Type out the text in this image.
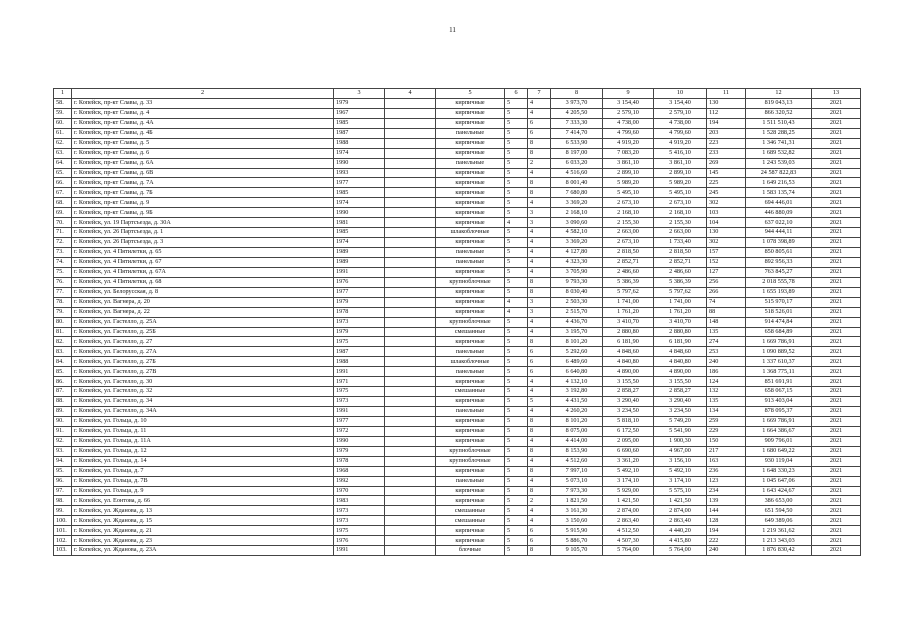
11
1	2	3	4	5	6	7	8	9	10	11	12	13
58.	г. Копейск, пр-кт Славы, д. 33	1979		кирпичные	5	4	3 973,70	3 154,40	3 154,40	130	819 043,13	2021
59.	г. Копейск, пр-кт Славы, д. 4	1967		кирпичные	5	4	4 205,50	2 579,10	2 579,10	112	866 320,52	2021
60.	г. Копейск, пр-кт Славы, д. 4А	1985		кирпичные	5	6	7 333,30	4 738,00	4 738,00	194	1 511 510,43	2021
61.	г. Копейск, пр-кт Славы, д. 4Б	1987		панельные	5	6	7 414,70	4 799,60	4 799,60	203	1 528 288,25	2021
62.	г. Копейск, пр-кт Славы, д. 5	1988		кирпичные	5	8	6 533,90	4 919,20	4 919,20	223	1 346 741,31	2021
63.	г. Копейск, пр-кт Славы, д. 6	1974		кирпичные	5	8	8 197,00	7 083,20	5 416,10	233	1 689 532,82	2021
64.	г. Копейск, пр-кт Славы, д. 6А	1990		панельные	5	2	6 033,20	3 861,10	3 861,10	269	1 243 539,03	2021
65.	г. Копейск, пр-кт Славы, д. 6В	1993		кирпичные	5	4	4 516,60	2 899,10	2 899,10	145	24 587 822,83	2021
66.	г. Копейск, пр-кт Славы, д. 7А	1977		кирпичные	5	8	8 001,40	5 989,20	5 989,20	225	1 649 216,53	2021
67.	г. Копейск, пр-кт Славы, д. 7Б	1985		кирпичные	5	8	7 680,80	5 495,10	5 495,10	245	1 583 135,74	2021
68.	г. Копейск, пр-кт Славы, д. 9	1974		кирпичные	5	4	3 369,20	2 673,10	2 673,10	302	694 446,01	2021
69.	г. Копейск, пр-кт Славы, д. 9Б	1990		кирпичные	5	3	2 168,10	2 168,10	2 168,10	103	446 880,09	2021
70.	г. Копейск, ул. 19 Партсъезда, д. 30А	1981		кирпичные	4	3	3 090,60	2 155,30	2 155,30	104	637 022,10	2021
71.	г. Копейск, ул. 26 Партсъезда, д. 1	1985		шлакоблочные	5	4	4 582,10	2 663,00	2 663,00	130	944 444,11	2021
72.	г. Копейск, ул. 26 Партсъезда, д. 3	1974		кирпичные	5	4	3 369,20	2 673,10	1 733,40	302	1 078 398,89	2021
73.	г. Копейск, ул. 4 Пятилетки, д. 65	1989		панельные	5	4	4 127,80	2 818,50	2 818,50	157	850 805,61	2021
74.	г. Копейск, ул. 4 Пятилетки, д. 67	1989		панельные	5	4	4 323,30	2 852,71	2 852,71	152	892 956,33	2021
75.	г. Копейск, ул. 4 Пятилетки, д. 67А	1991		кирпичные	5	4	3 705,90	2 486,60	2 486,60	127	763 845,27	2021
76.	г. Копейск, ул. 4 Пятилетки, д. 68	1976		крупноблочные	5	8	9 793,30	5 386,39	5 386,39	256	2 018 555,78	2021
77.	г. Копейск, ул. Белорусская, д. 8	1977		кирпичные	5	8	8 030,40	5 797,62	5 797,62	266	1 655 193,89	2021
78.	г. Копейск, ул. Вагнера, д. 20	1979		кирпичные	4	3	2 503,30	1 741,00	1 741,00	74	515 970,17	2021
79.	г. Копейск, ул. Вагнера, д. 22	1978		кирпичные	4	3	2 515,70	1 761,20	1 761,20	88	518 526,01	2021
80.	г. Копейск, ул. Гастелло, д. 25А	1973		крупноблочные	5	4	4 436,70	3 410,70	3 410,70	148	914 474,84	2021
81.	г. Копейск, ул. Гастелло, д. 25Б	1979		смешанные	5	4	3 195,70	2 880,80	2 880,80	135	658 684,89	2021
82.	г. Копейск, ул. Гастелло, д. 27	1975		кирпичные	5	8	8 101,20	6 181,90	6 181,90	274	1 669 786,91	2021
83.	г. Копейск, ул. Гастелло, д. 27А	1987		панельные	5	6	5 292,60	4 848,60	4 848,60	253	1 090 889,52	2021
84.	г. Копейск, ул. Гастелло, д. 27Б	1988		шлакоблочные	5	6	6 489,60	4 840,80	4 840,80	240	1 337 610,37	2021
85.	г. Копейск, ул. Гастелло, д. 27В	1991		панельные	5	6	6 640,80	4 890,00	4 890,00	186	1 368 775,11	2021
86.	г. Копейск, ул. Гастелло, д. 30	1971		кирпичные	5	4	4 132,10	3 155,50	3 155,50	124	851 691,91	2021
87.	г. Копейск, ул. Гастелло, д. 32	1975		смешанные	5	4	3 192,80	2 858,27	2 858,27	132	658 067,15	2021
88.	г. Копейск, ул. Гастелло, д. 34	1973		кирпичные	5	5	4 431,50	3 290,40	3 290,40	135	913 403,04	2021
89.	г. Копейск, ул. Гастелло, д. 34А	1991		панельные	5	4	4 260,20	3 234,50	3 234,50	134	878 095,37	2021
90.	г. Копейск, ул. Гольца, д. 10	1977		кирпичные	5	8	8 101,20	5 818,10	5 749,20	259	1 669 786,91	2021
91.	г. Копейск, ул. Гольца, д. 11	1972		кирпичные	5	8	8 075,00	6 172,50	5 541,90	229	1 664 386,67	2021
92.	г. Копейск, ул. Гольца, д. 11А	1990		кирпичные	5	4	4 414,00	2 095,00	1 900,30	150	909 796,01	2021
93.	г. Копейск, ул. Гольца, д. 12	1979		крупноблочные	5	8	8 153,90	6 690,60	4 967,00	217	1 680 649,22	2021
94.	г. Копейск, ул. Гольца, д. 14	1978		крупноблочные	5	4	4 512,60	3 361,20	3 156,10	163	930 119,04	2021
95.	г. Копейск, ул. Гольца, д. 7	1968		кирпичные	5	8	7 997,10	5 492,10	5 492,10	236	1 648 330,23	2021
96.	г. Копейск, ул. Гольца, д. 7В	1992		панельные	5	4	5 073,10	3 174,10	3 174,10	123	1 045 647,06	2021
97.	г. Копейск, ул. Гольца, д. 9	1970		кирпичные	5	8	7 973,30	5 929,00	5 575,10	234	1 643 424,67	2021
98.	г. Копейск, ул. Еонтова, д. 66	1983		кирпичные	5	2	1 821,50	1 421,50	1 421,50	139	386 653,00	2021
99.	г. Копейск, ул. Жданова, д. 13	1973		смешанные	5	4	3 161,30	2 874,00	2 874,00	144	651 594,50	2021
100.	г. Копейск, ул. Жданова, д. 15	1973		смешанные	5	4	3 150,60	2 863,40	2 863,40	128	649 389,06	2021
101.	г. Копейск, ул. Жданова, д. 21	1975		кирпичные	5	6	5 915,90	4 512,50	4 440,20	194	1 219 361,62	2021
102.	г. Копейск, ул. Жданова, д. 23	1976		кирпичные	5	6	5 886,70	4 507,30	4 415,80	222	1 213 343,03	2021
103.	г. Копейск, ул. Жданова, д. 23А	1991		блочные	5	8	9 105,70	5 764,00	5 764,00	240	1 876 830,42	2021
